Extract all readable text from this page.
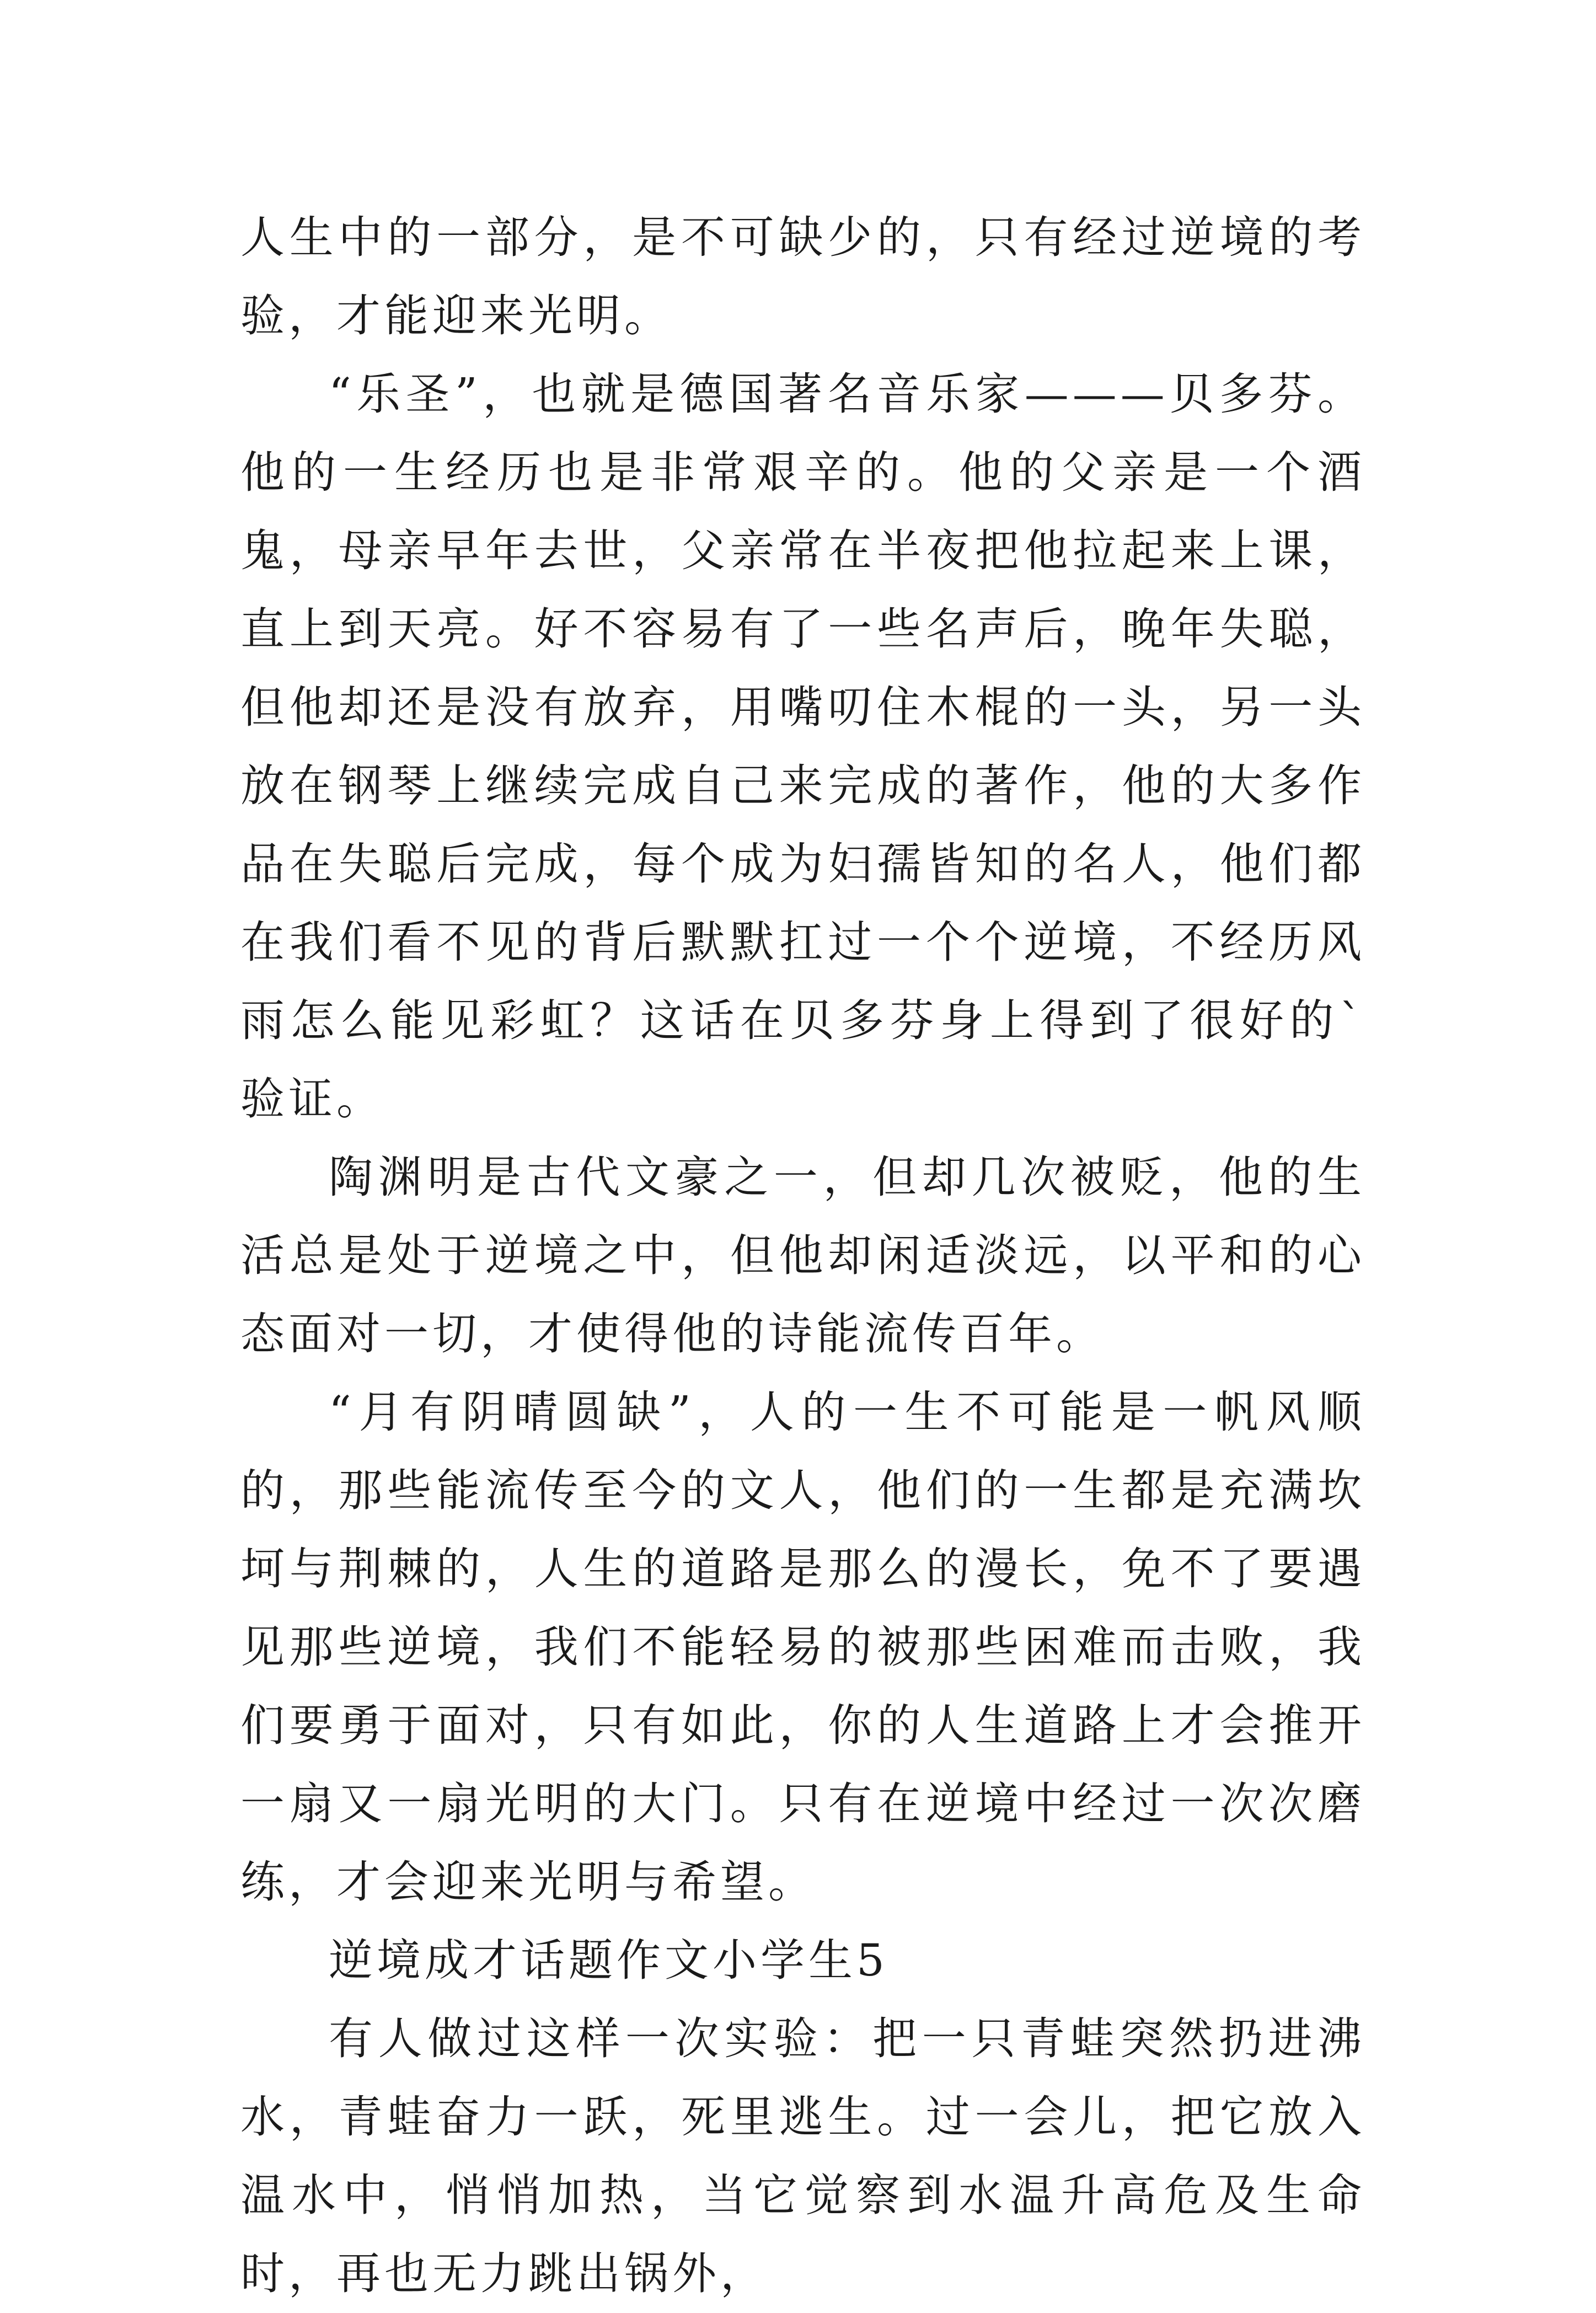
人生中的一部分，是不可缺少的，只有经过逆境的考验，才能迎来光明。

“乐圣”，也就是德国著名音乐家———贝多芬。他的一生经历也是非常艰辛的。他的父亲是一个酒鬼，母亲早年去世，父亲常在半夜把他拉起来上课，直上到天亮。好不容易有了一些名声后，晚年失聪，但他却还是没有放弃，用嘴叨住木棍的一头，另一头放在钢琴上继续完成自己来完成的著作，他的大多作品在失聪后完成，每个成为妇孺皆知的名人，他们都在我们看不见的背后默默扛过一个个逆境，不经历风雨怎么能见彩虹？这话在贝多芬身上得到了很好的`验证。

陶渊明是古代文豪之一，但却几次被贬，他的生活总是处于逆境之中，但他却闲适淡远，以平和的心态面对一切，才使得他的诗能流传百年。

“月有阴晴圆缺”，人的一生不可能是一帆风顺的，那些能流传至今的文人，他们的一生都是充满坎坷与荆棘的，人生的道路是那么的漫长，免不了要遇见那些逆境，我们不能轻易的被那些困难而击败，我们要勇于面对，只有如此，你的人生道路上才会推开一扇又一扇光明的大门。只有在逆境中经过一次次磨练，才会迎来光明与希望。

逆境成才话题作文小学生5

有人做过这样一次实验：把一只青蛙突然扔进沸水，青蛙奋力一跃，死里逃生。过一会儿，把它放入温水中，悄悄加热，当它觉察到水温升高危及生命时，再也无力跳出锅外，
